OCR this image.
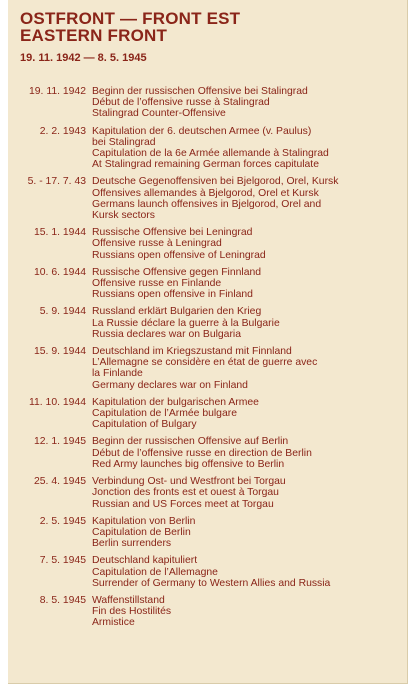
OSTFRONT — FRONT EST
EASTERN FRONT
19. 11. 1942 — 8. 5. 1945
19. 11. 1942 Beginn der russischen Offensive bei Stalingrad
Début de l’offensive russe à Stalingrad
Stalingrad Counter-Offensive
2. 2. 1943 Kapitulation der 6. deutschen Armee (v. Paulus)
bei Stalingrad
Capitulation de la 6e Armée allemande à Stalingrad
At Stalingrad remaining German forces capitulate
5. - 17. 7. 43 Deutsche Gegenoffensiven bei Bjelgorod, Orel, Kursk
Offensives allemandes à Bjelgorod, Orel et Kursk
Germans launch offensives in Bjelgorod, Orel and
Kursk sectors
15. 1. 1944 Russische Offensive bei Leningrad
Offensive russe à Leningrad
Russians open offensive of Leningrad
10. 6. 1944 Russische Offensive gegen Finnland
Offensive russe en Finlande
Russians open offensive in Finland
5. 9. 1944 Russland erklärt Bulgarien den Krieg
La Russie déclare la guerre à la Bulgarie
Russia declares war on Bulgaria
15. 9. 1944 Deutschland im Kriegszustand mit Finnland
L’Allemagne se considère en état de guerre avec
la Finlande
Germany declares war on Finland
11. 10. 1944 Kapitulation der bulgarischen Armee
Capitulation de l’Armée bulgare
Capitulation of Bulgary
12. 1. 1945 Beginn der russischen Offensive auf Berlin
Début de l’offensive russe en direction de Berlin
Red Army launches big offensive to Berlin
25. 4. 1945 Verbindung Ost- und Westfront bei Torgau
Jonction des fronts est et ouest à Torgau
Russian and US Forces meet at Torgau
2. 5. 1945 Kapitulation von Berlin
Capitulation de Berlin
Berlin surrenders
7. 5. 1945 Deutschland kapituliert
Capitulation de l’Allemagne
Surrender of Germany to Western Allies and Russia
8. 5. 1945 Waffenstillstand
Fin des Hostilités
Armistice
